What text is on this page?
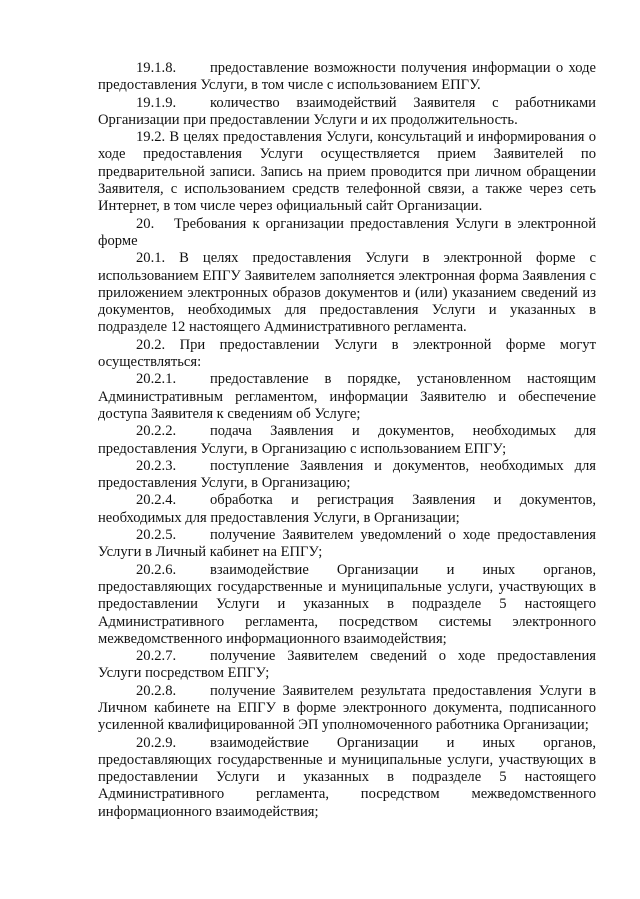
19.1.8. предоставление возможности получения информации о ходе предоставления Услуги, в том числе с использованием ЕПГУ.

19.1.9. количество взаимодействий Заявителя с работниками Организации при предоставлении Услуги и их продолжительность.

19.2. В целях предоставления Услуги, консультаций и информирования о ходе предоставления Услуги осуществляется прием Заявителей по предварительной записи. Запись на прием проводится при личном обращении Заявителя, с использованием средств телефонной связи, а также через сеть Интернет, в том числе через официальный сайт Организации.

20. Требования к организации предоставления Услуги в электронной форме

20.1. В целях предоставления Услуги в электронной форме с использованием ЕПГУ Заявителем заполняется электронная форма Заявления с приложением электронных образов документов и (или) указанием сведений из документов, необходимых для предоставления Услуги и указанных в подразделе 12 настоящего Административного регламента.

20.2. При предоставлении Услуги в электронной форме могут осуществляться:

20.2.1. предоставление в порядке, установленном настоящим Административным регламентом, информации Заявителю и обеспечение доступа Заявителя к сведениям об Услуге;

20.2.2. подача Заявления и документов, необходимых для предоставления Услуги, в Организацию с использованием ЕПГУ;

20.2.3. поступление Заявления и документов, необходимых для предоставления Услуги, в Организацию;

20.2.4. обработка и регистрация Заявления и документов, необходимых для предоставления Услуги, в Организации;

20.2.5. получение Заявителем уведомлений о ходе предоставления Услуги в Личный кабинет на ЕПГУ;

20.2.6. взаимодействие Организации и иных органов, предоставляющих государственные и муниципальные услуги, участвующих в предоставлении Услуги и указанных в подразделе 5 настоящего Административного регламента, посредством системы электронного межведомственного информационного взаимодействия;

20.2.7. получение Заявителем сведений о ходе предоставления Услуги посредством ЕПГУ;

20.2.8. получение Заявителем результата предоставления Услуги в Личном кабинете на ЕПГУ в форме электронного документа, подписанного усиленной квалифицированной ЭП уполномоченного работника Организации;

20.2.9. взаимодействие Организации и иных органов, предоставляющих государственные и муниципальные услуги, участвующих в предоставлении Услуги и указанных в подразделе 5 настоящего Административного регламента, посредством межведомственного информационного взаимодействия;
